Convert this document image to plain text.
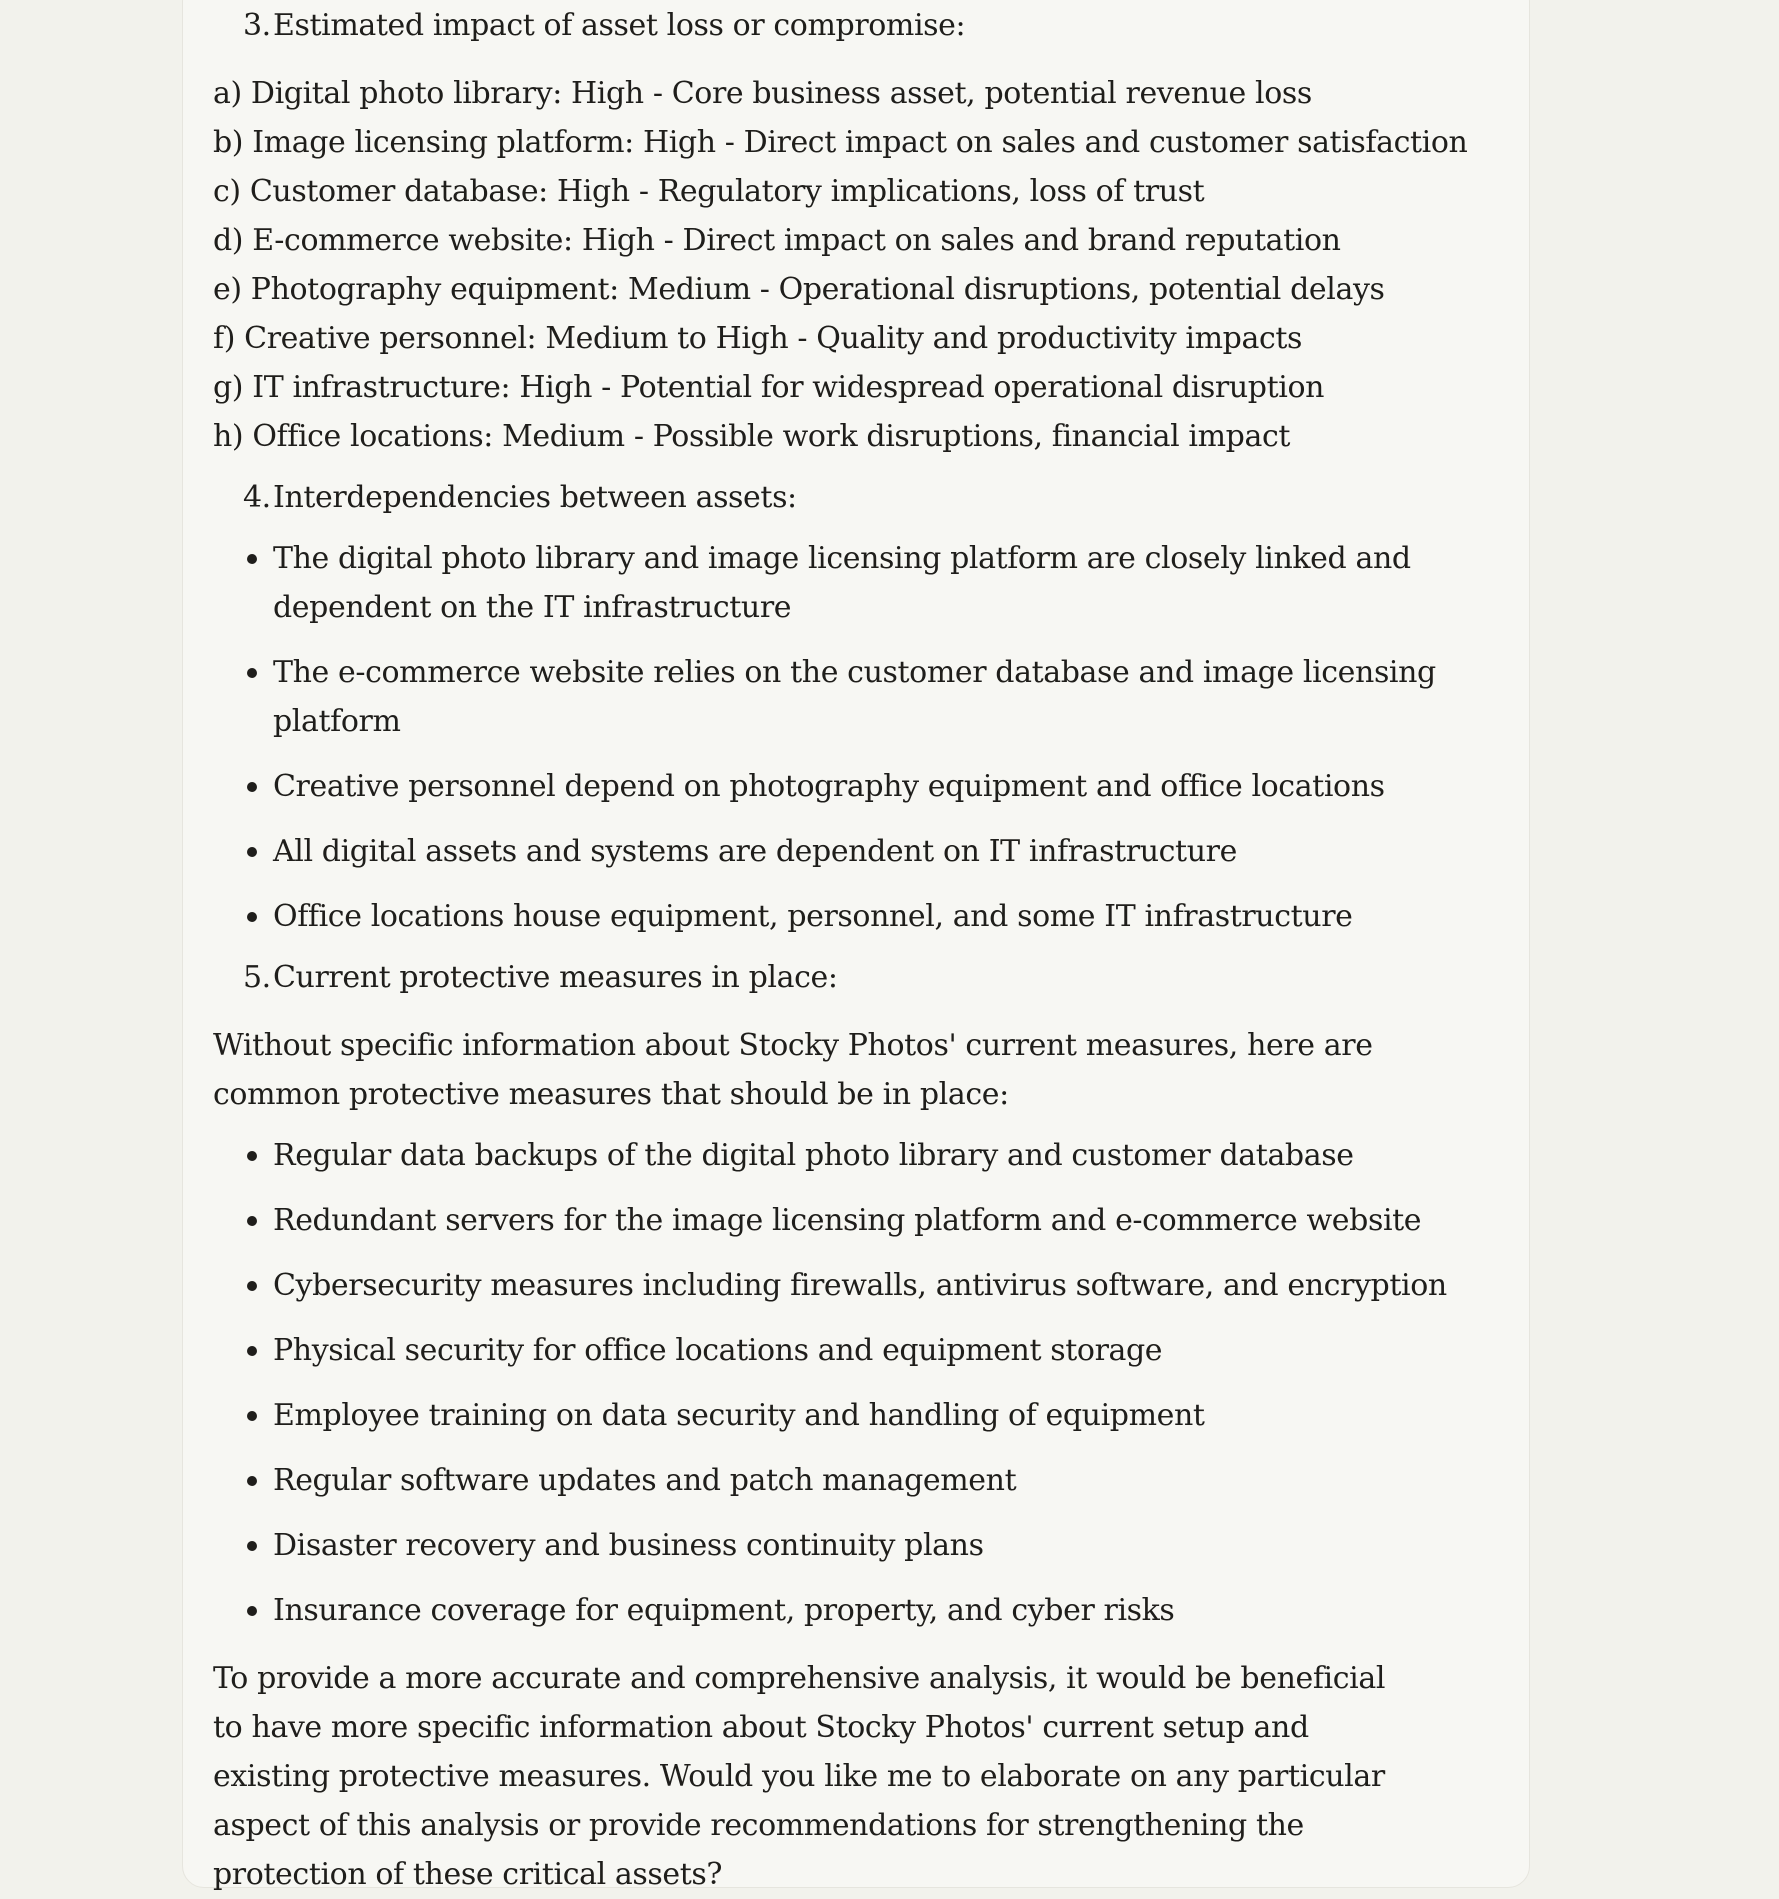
3. Estimated impact of asset loss or compromise:

a) Digital photo library: High - Core business asset, potential revenue loss

b) Image licensing platform: High - Direct impact on sales and customer satisfaction

c) Customer database: High - Regulatory implications, loss of trust

d) E-commerce website: High - Direct impact on sales and brand reputation

e) Photography equipment: Medium - Operational disruptions, potential delays

f) Creative personnel: Medium to High - Quality and productivity impacts

g) IT infrastructure: High - Potential for widespread operational disruption

h) Office locations: Medium - Possible work disruptions, financial impact

4. Interdependencies between assets:
The digital photo library and image licensing platform are closely linked and dependent on the IT infrastructure
The e-commerce website relies on the customer database and image licensing platform
Creative personnel depend on photography equipment and office locations
All digital assets and systems are dependent on IT infrastructure
Office locations house equipment, personnel, and some IT infrastructure
5. Current protective measures in place:

Without specific information about Stocky Photos' current measures, here are common protective measures that should be in place:

Regular data backups of the digital photo library and customer database
Redundant servers for the image licensing platform and e-commerce website
Cybersecurity measures including firewalls, antivirus software, and encryption
Physical security for office locations and equipment storage
Employee training on data security and handling of equipment
Regular software updates and patch management
Disaster recovery and business continuity plans
Insurance coverage for equipment, property, and cyber risks

To provide a more accurate and comprehensive analysis, it would be beneficial to have more specific information about Stocky Photos' current setup and existing protective measures. Would you like me to elaborate on any particular aspect of this analysis or provide recommendations for strengthening the protection of these critical assets?
